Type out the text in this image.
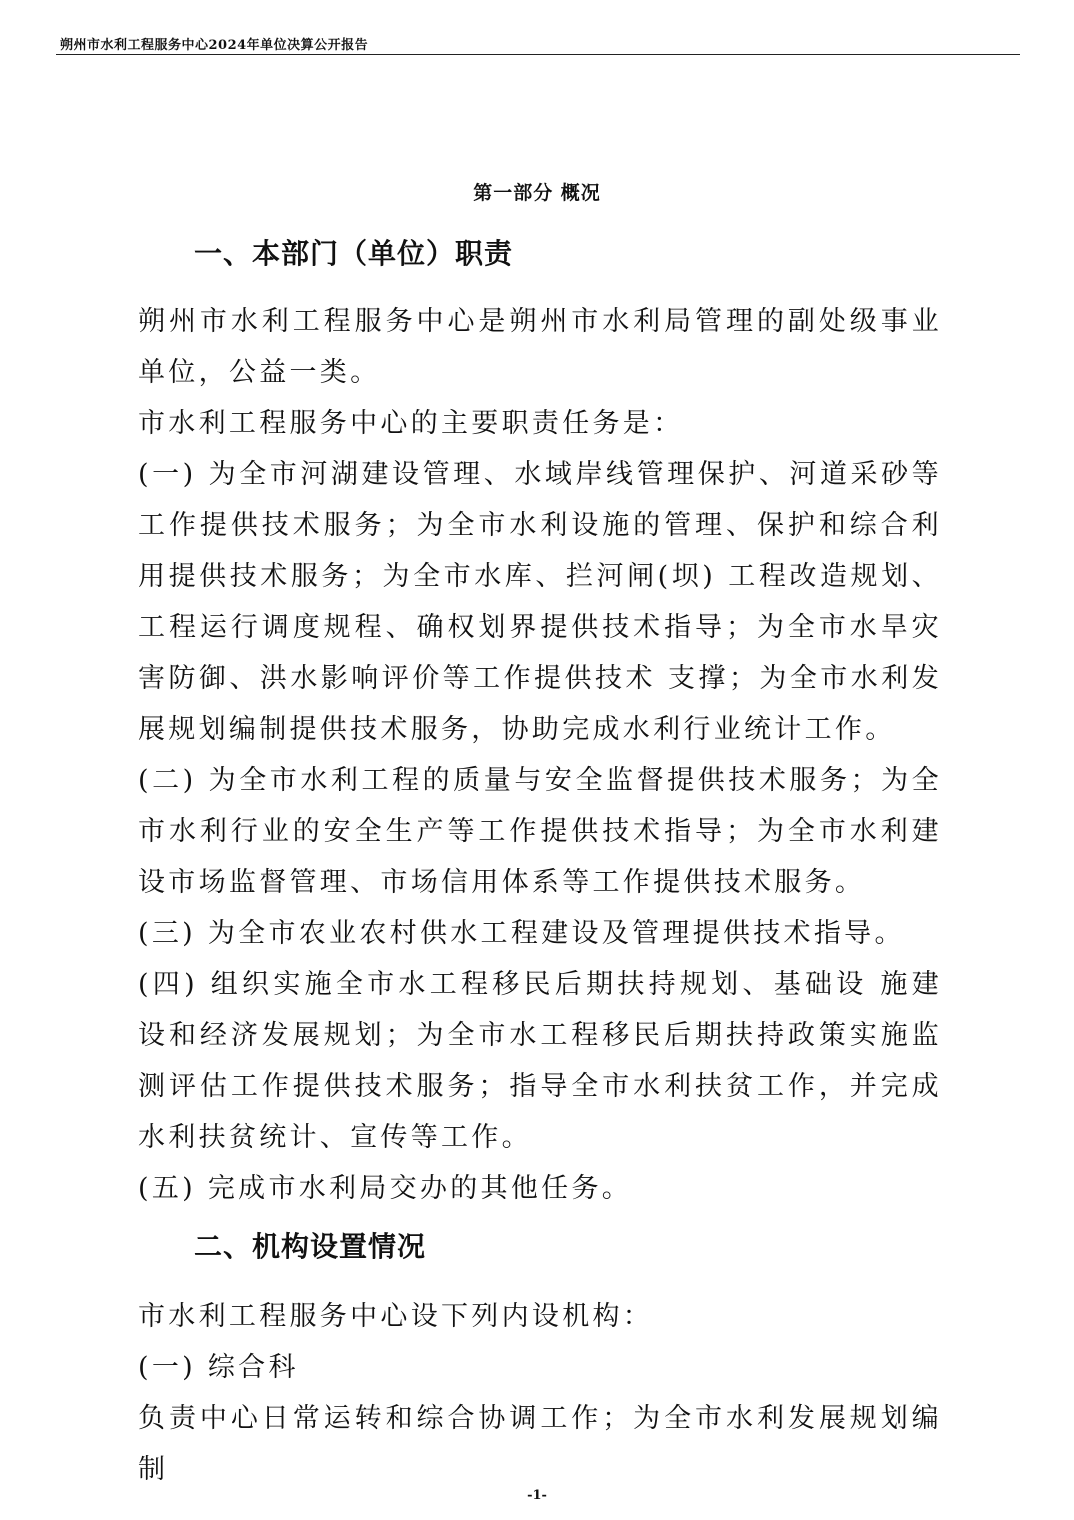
朔州市水利工程服务中心2024年单位决算公开报告
第一部分 概况
一、本部门（单位）职责
朔州市水利工程服务中心是朔州市水利局管理的副处级事业单位，公益一类。
市水利工程服务中心的主要职责任务是：
(一) 为全市河湖建设管理、水域岸线管理保护、河道采砂等工作提供技术服务；为全市水利设施的管理、保护和综合利用提供技术服务；为全市水库、拦河闸(坝) 工程改造规划、工程运行调度规程、确权划界提供技术指导；为全市水旱灾害防御、洪水影响评价等工作提供技术 支撑；为全市水利发展规划编制提供技术服务，协助完成水利行业统计工作。
(二) 为全市水利工程的质量与安全监督提供技术服务；为全市水利行业的安全生产等工作提供技术指导；为全市水利建设市场监督管理、市场信用体系等工作提供技术服务。
(三) 为全市农业农村供水工程建设及管理提供技术指导。
(四) 组织实施全市水工程移民后期扶持规划、基础设 施建设和经济发展规划；为全市水工程移民后期扶持政策实施监测评估工作提供技术服务；指导全市水利扶贫工作，并完成水利扶贫统计、宣传等工作。
(五) 完成市水利局交办的其他任务。
二、机构设置情况
市水利工程服务中心设下列内设机构：
(一) 综合科
负责中心日常运转和综合协调工作；为全市水利发展规划编制
-1-
